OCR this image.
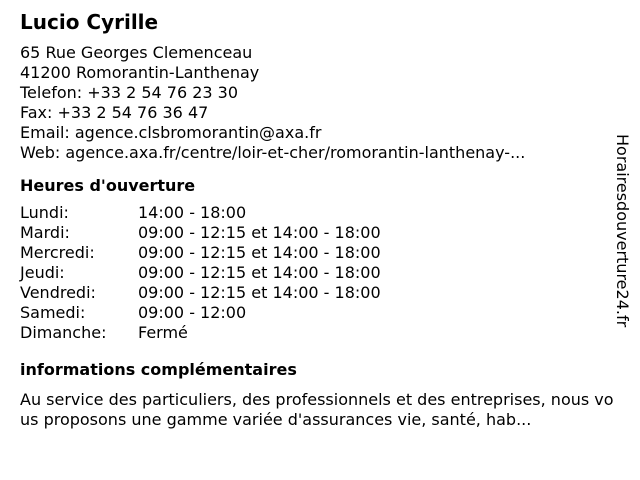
Lucio Cyrille
65 Rue Georges Clemenceau
41200 Romorantin-Lanthenay
Telefon: +33 2 54 76 23 30
Fax: +33 2 54 76 36 47
Email: agence.clsbromorantin@axa.fr
Web: agence.axa.fr/centre/loir-et-cher/romorantin-lanthenay-...
Heures d'ouverture
Lundi:	14:00 - 18:00
Mardi:	09:00 - 12:15 et 14:00 - 18:00
Mercredi:	09:00 - 12:15 et 14:00 - 18:00
Jeudi:	09:00 - 12:15 et 14:00 - 18:00
Vendredi:	09:00 - 12:15 et 14:00 - 18:00
Samedi:	09:00 - 12:00
Dimanche:	Fermé
informations complémentaires
Au service des particuliers, des professionnels et des entreprises, nous vous proposons une gamme variée d'assurances vie, santé, hab...
Horairesdouverture24.fr
